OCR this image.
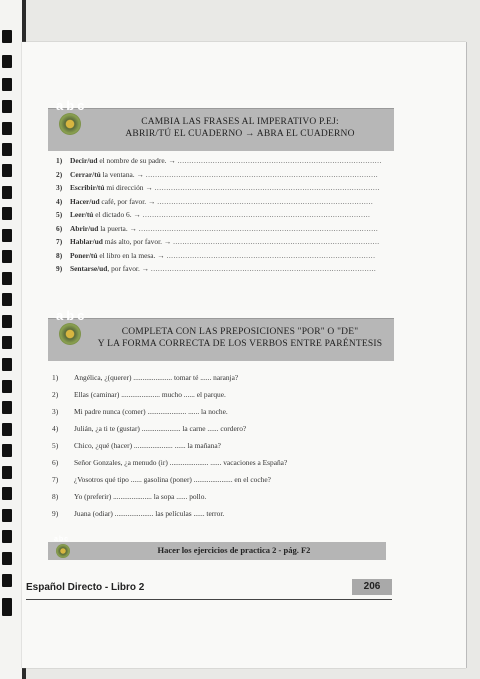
abc
CAMBIA LAS FRASES AL IMPERATIVO P.EJ:
ABRIR/TÚ EL CUADERNO → ABRA EL CUADERNO
1) Decir/ud el nombre de su padre. → .......................................................................................
2) Cerrar/tú la ventana. → ...................................................................................................
3) Escribir/tú mi dirección → ................................................................................................
4) Hacer/ud café, por favor. → ............................................................................................
5) Leer/tú el dictado 6. → .................................................................................................
6) Abrir/ud la puerta. → ......................................................................................................
7) Hablar/ud más alto, por favor. → ........................................................................................
8) Poner/tú el libro en la mesa. → .........................................................................................
9) Sentarse/ud, por favor. → ................................................................................................
abc
COMPLETA CON LAS PREPOSICIONES "POR" O "DE"
Y LA FORMA CORRECTA DE LOS VERBOS ENTRE PARÉNTESIS
1) Angélica, ¿(querer) ..................... tomar té ...... naranja?
2) Ellas (caminar) ..................... mucho ...... el parque.
3) Mi padre nunca (comer) ..................... ...... la noche.
4) Julián, ¿a ti te (gustar) ..................... la carne ...... cordero?
5) Chico, ¿qué (hacer) ..................... ...... la mañana?
6) Señor Gonzales, ¿a menudo (ir) ..................... ...... vacaciones a España?
7) ¿Vosotros qué tipo ...... gasolina (poner) ..................... en el coche?
8) Yo (preferir) ..................... la sopa ...... pollo.
9) Juana (odiar) ..................... las películas ...... terror.
abc
Hacer los ejercicios de practica 2 - pág. F2
Español Directo - Libro 2	206
